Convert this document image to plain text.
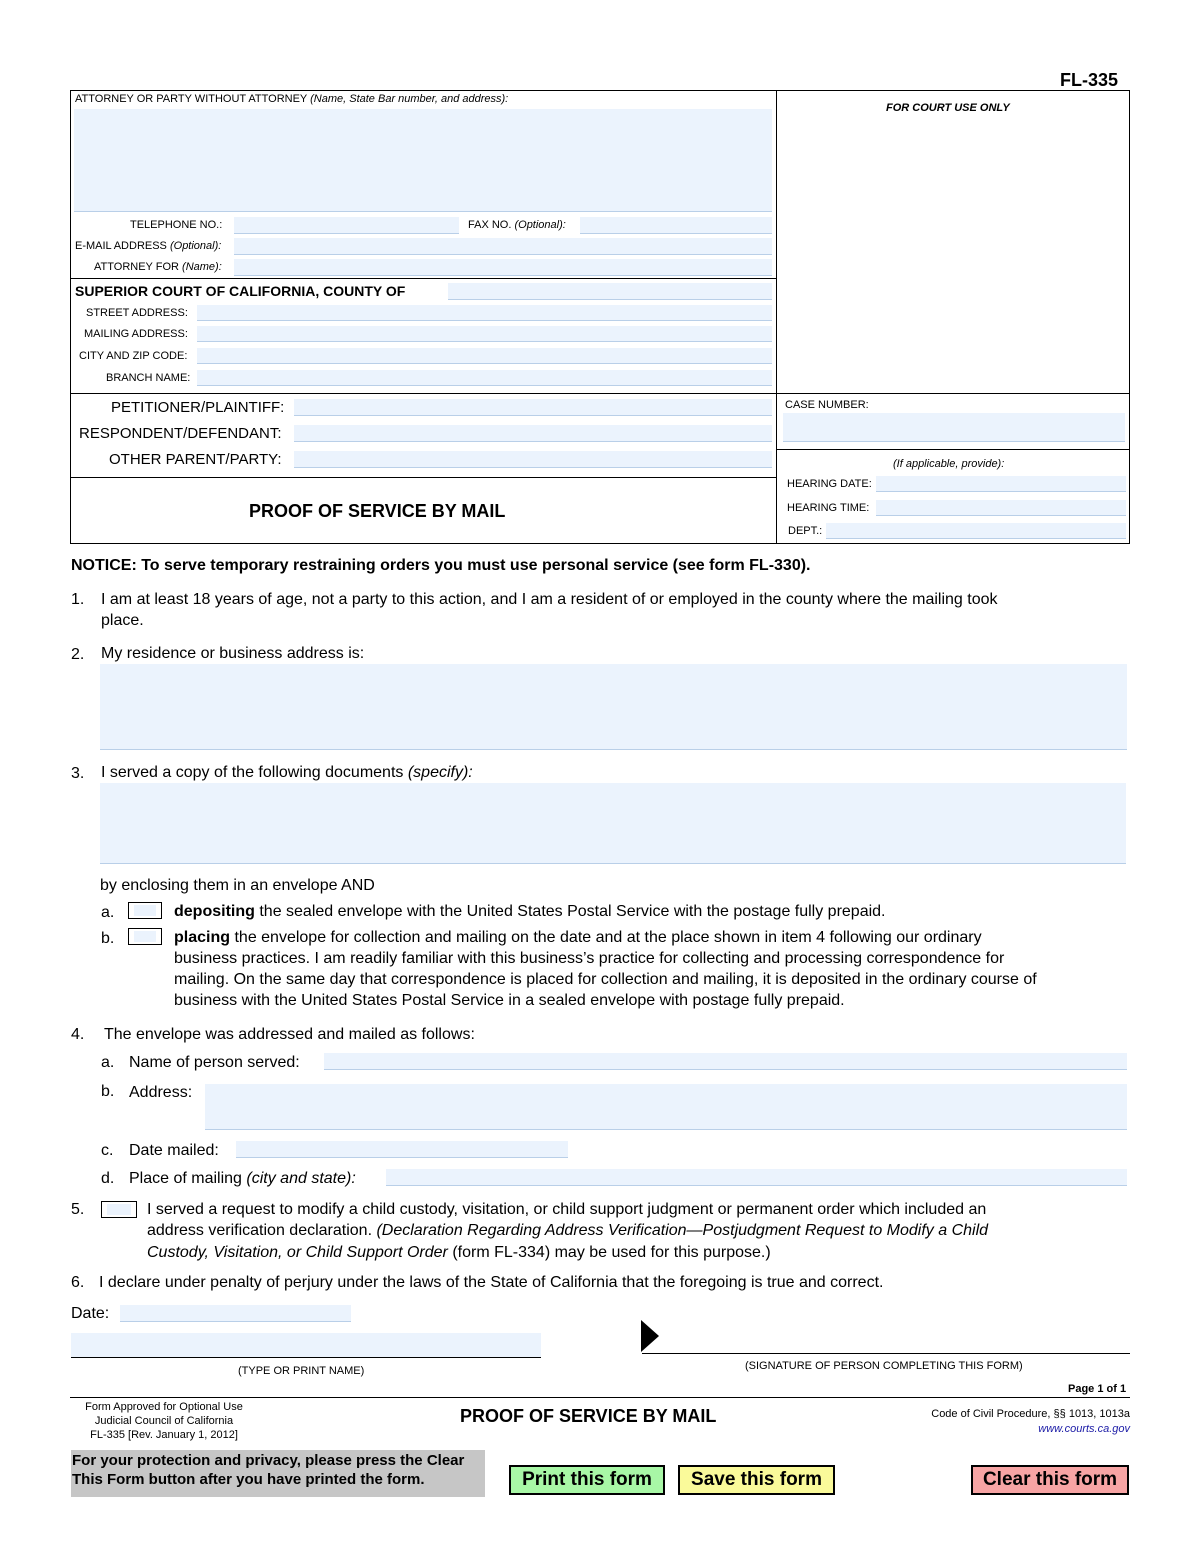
FL-335
ATTORNEY OR PARTY WITHOUT ATTORNEY (Name, State Bar number, and address):
TELEPHONE NO.:	FAX NO. (Optional):
E-MAIL ADDRESS (Optional):
ATTORNEY FOR (Name):
FOR COURT USE ONLY
SUPERIOR COURT OF CALIFORNIA, COUNTY OF
STREET ADDRESS:
MAILING ADDRESS:
CITY AND ZIP CODE:
BRANCH NAME:
PETITIONER/PLAINTIFF:
RESPONDENT/DEFENDANT:
OTHER PARENT/PARTY:
CASE NUMBER:
(If applicable, provide):
HEARING DATE:
HEARING TIME:
DEPT.:
PROOF OF SERVICE BY MAIL
NOTICE: To serve temporary restraining orders you must use personal service (see form FL-330).
1. I am at least 18 years of age, not a party to this action, and I am a resident of or employed in the county where the mailing took
place.
2. My residence or business address is:
3. I served a copy of the following documents (specify):
by enclosing them in an envelope AND
a.	depositing the sealed envelope with the United States Postal Service with the postage fully prepaid.
b.	placing the envelope for collection and mailing on the date and at the place shown in item 4 following our ordinary
business practices. I am readily familiar with this business’s practice for collecting and processing correspondence for
mailing. On the same day that correspondence is placed for collection and mailing, it is deposited in the ordinary course of
business with the United States Postal Service in a sealed envelope with postage fully prepaid.
4. The envelope was addressed and mailed as follows:
a. Name of person served:
b. Address:
c. Date mailed:
d. Place of mailing (city and state):
5.	I served a request to modify a child custody, visitation, or child support judgment or permanent order which included an
address verification declaration. (Declaration Regarding Address Verification—Postjudgment Request to Modify a Child
Custody, Visitation, or Child Support Order (form FL-334) may be used for this purpose.)
6. I declare under penalty of perjury under the laws of the State of California that the foregoing is true and correct.
Date:
(TYPE OR PRINT NAME)	(SIGNATURE OF PERSON COMPLETING THIS FORM)
Page 1 of 1
Form Approved for Optional Use
Judicial Council of California
FL-335 [Rev. January 1, 2012]
PROOF OF SERVICE BY MAIL	Code of Civil Procedure, §§ 1013, 1013a
www.courts.ca.gov
For your protection and privacy, please press the Clear
This Form button after you have printed the form.	Print this form	Save this form	Clear this form
